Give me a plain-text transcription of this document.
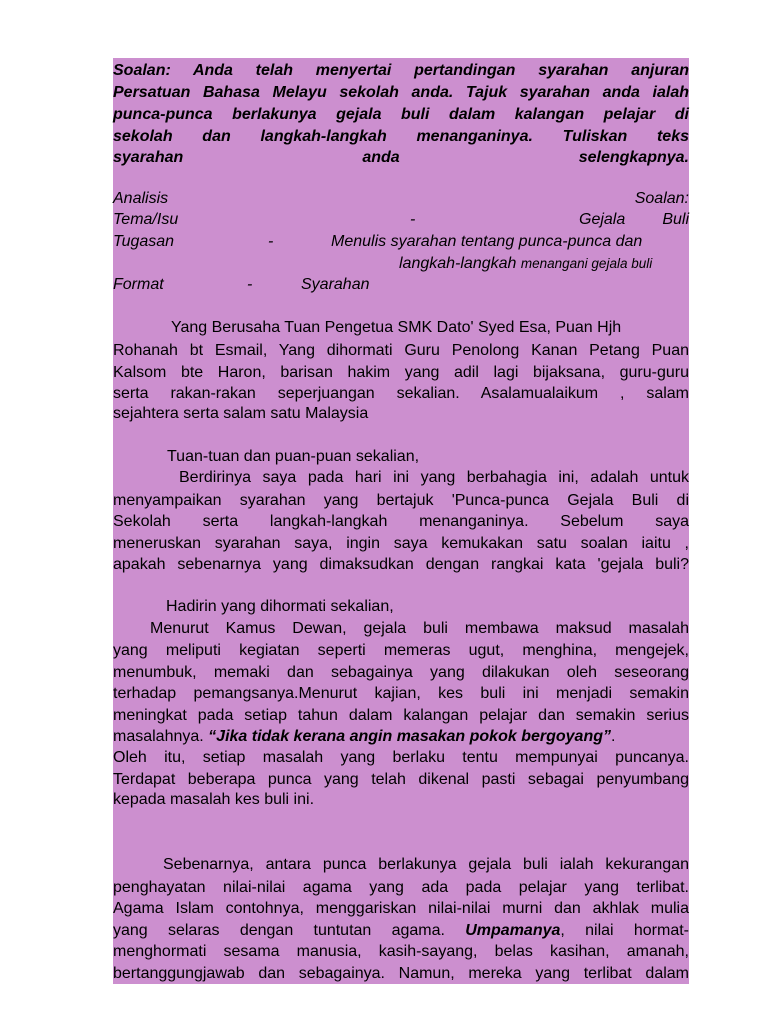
Soalan: Anda telah menyertai pertandingan syarahan anjuran
Persatuan Bahasa Melayu sekolah anda. Tajuk syarahan anda ialah
punca-punca berlakunya gejala buli dalam kalangan pelajar di
sekolah dan langkah-langkah menanganinya. Tuliskan teks
syarahan anda selengkapnya.
Analisis	Soalan:
Tema/Isu	-	Gejala Buli
Tugasan	-	Menulis syarahan tentang punca-punca dan
langkah-langkah menangani gejala buli
Format	-	Syarahan
Yang Berusaha Tuan Pengetua SMK Dato' Syed Esa, Puan Hjh
Rohanah bt Esmail, Yang dihormati Guru Penolong Kanan Petang Puan
Kalsom bte Haron, barisan hakim yang adil lagi bijaksana, guru-guru
serta rakan-rakan seperjuangan sekalian. Asalamualaikum , salam
sejahtera serta salam satu Malaysia
Tuan-tuan dan puan-puan sekalian,
Berdirinya saya pada hari ini yang berbahagia ini, adalah untuk
menyampaikan syarahan yang bertajuk 'Punca-punca Gejala Buli di
Sekolah serta langkah-langkah menanganinya. Sebelum saya
meneruskan syarahan saya, ingin saya kemukakan satu soalan iaitu ,
apakah sebenarnya yang dimaksudkan dengan rangkai kata 'gejala buli?
Hadirin yang dihormati sekalian,
Menurut Kamus Dewan, gejala buli membawa maksud masalah
yang meliputi kegiatan seperti memeras ugut, menghina, mengejek,
menumbuk, memaki dan sebagainya yang dilakukan oleh seseorang
terhadap pemangsanya.Menurut kajian, kes buli ini menjadi semakin
meningkat pada setiap tahun dalam kalangan pelajar dan semakin serius
masalahnya. “Jika tidak kerana angin masakan pokok bergoyang”.
Oleh itu, setiap masalah yang berlaku tentu mempunyai puncanya.
Terdapat beberapa punca yang telah dikenal pasti sebagai penyumbang
kepada masalah kes buli ini.
Sebenarnya, antara punca berlakunya gejala buli ialah kekurangan
penghayatan nilai-nilai agama yang ada pada pelajar yang terlibat.
Agama Islam contohnya, menggariskan nilai-nilai murni dan akhlak mulia
yang selaras dengan tuntutan agama. Umpamanya, nilai hormat-
menghormati sesama manusia, kasih-sayang, belas kasihan, amanah,
bertanggungjawab dan sebagainya. Namun, mereka yang terlibat dalam
